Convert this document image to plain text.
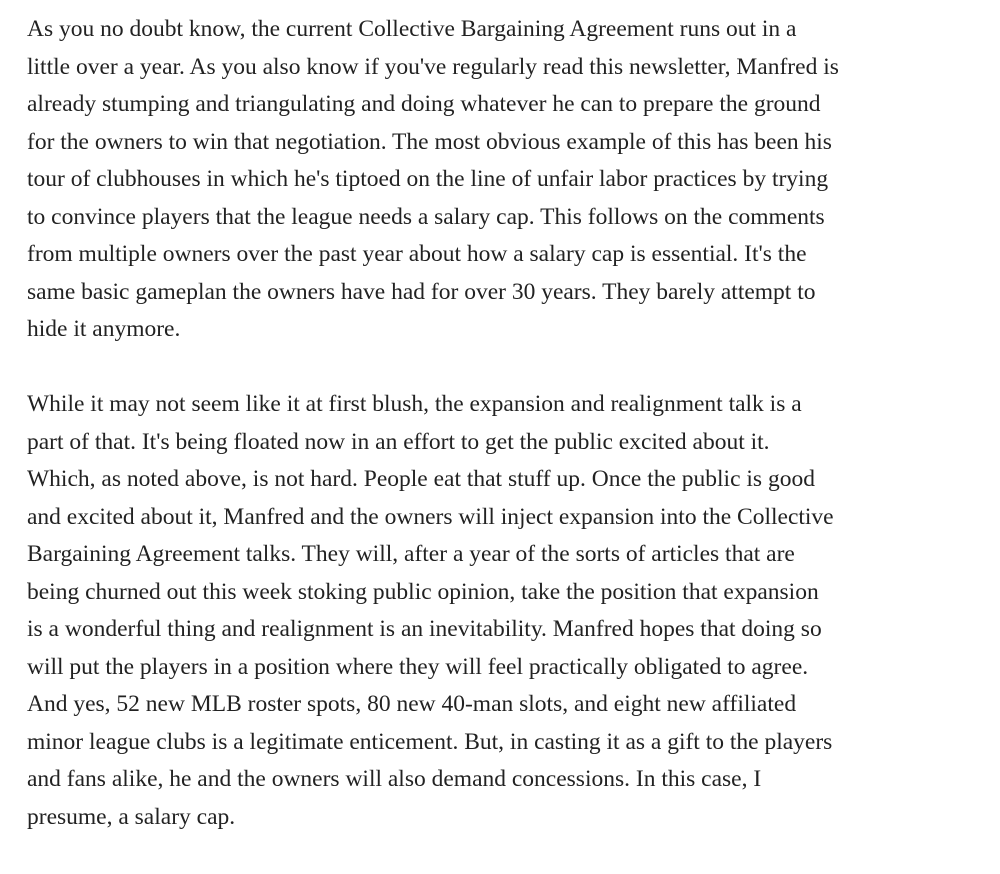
As you no doubt know, the current Collective Bargaining Agreement runs out in a
little over a year. As you also know if you've regularly read this newsletter, Manfred is
already stumping and triangulating and doing whatever he can to prepare the ground
for the owners to win that negotiation. The most obvious example of this has been his
tour of clubhouses in which he's tiptoed on the line of unfair labor practices by trying
to convince players that the league needs a salary cap. This follows on the comments
from multiple owners over the past year about how a salary cap is essential. It's the
same basic gameplan the owners have had for over 30 years. They barely attempt to
hide it anymore.

While it may not seem like it at first blush, the expansion and realignment talk is a
part of that. It's being floated now in an effort to get the public excited about it.
Which, as noted above, is not hard. People eat that stuff up. Once the public is good
and excited about it, Manfred and the owners will inject expansion into the Collective
Bargaining Agreement talks. They will, after a year of the sorts of articles that are
being churned out this week stoking public opinion, take the position that expansion
is a wonderful thing and realignment is an inevitability. Manfred hopes that doing so
will put the players in a position where they will feel practically obligated to agree.
And yes, 52 new MLB roster spots, 80 new 40-man slots, and eight new affiliated
minor league clubs is a legitimate enticement. But, in casting it as a gift to the players
and fans alike, he and the owners will also demand concessions. In this case, I
presume, a salary cap.
